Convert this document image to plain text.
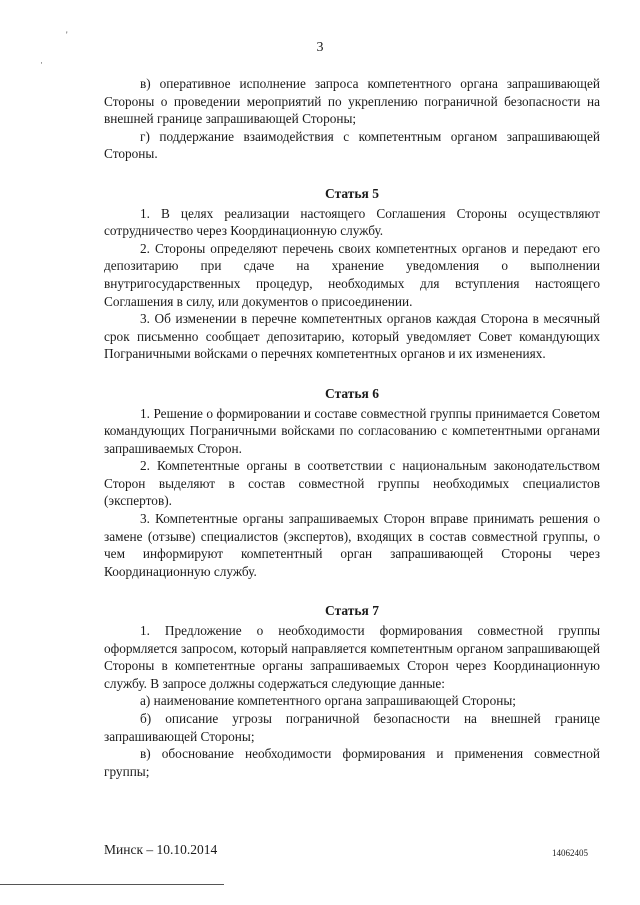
'
·
3

в) оперативное исполнение запроса компетентного органа запрашивающей Стороны о проведении мероприятий по укреплению пограничной безопасности на внешней границе запрашивающей Стороны;

г) поддержание взаимодействия с компетентным органом запрашивающей Стороны.

Статья 5

1. В целях реализации настоящего Соглашения Стороны осуществляют сотрудничество через Координационную службу.

2. Стороны определяют перечень своих компетентных органов и передают его депозитарию при сдаче на хранение уведомления о выполнении внутригосударственных процедур, необходимых для вступления настоящего Соглашения в силу, или документов о присоединении.

3. Об изменении в перечне компетентных органов каждая Сторона в месячный срок письменно сообщает депозитарию, который уведомляет Совет командующих Пограничными войсками о перечнях компетентных органов и их изменениях.

Статья 6

1. Решение о формировании и составе совместной группы принимается Советом командующих Пограничными войсками по согласованию с компетентными органами запрашиваемых Сторон.

2. Компетентные органы в соответствии с национальным законодательством Сторон выделяют в состав совместной группы необходимых специалистов (экспертов).

3. Компетентные органы запрашиваемых Сторон вправе принимать решения о замене (отзыве) специалистов (экспертов), входящих в состав совместной группы, о чем информируют компетентный орган запрашивающей Стороны через Координационную службу.

Статья 7

1. Предложение о необходимости формирования совместной группы оформляется запросом, который направляется компетентным органом запрашивающей Стороны в компетентные органы запрашиваемых Сторон через Координационную службу. В запросе должны содержаться следующие данные:

а) наименование компетентного органа запрашивающей Стороны;

б) описание угрозы пограничной безопасности на внешней границе запрашивающей Стороны;

в) обоснование необходимости формирования и применения совместной группы;

Минск – 10.10.2014	14062405
